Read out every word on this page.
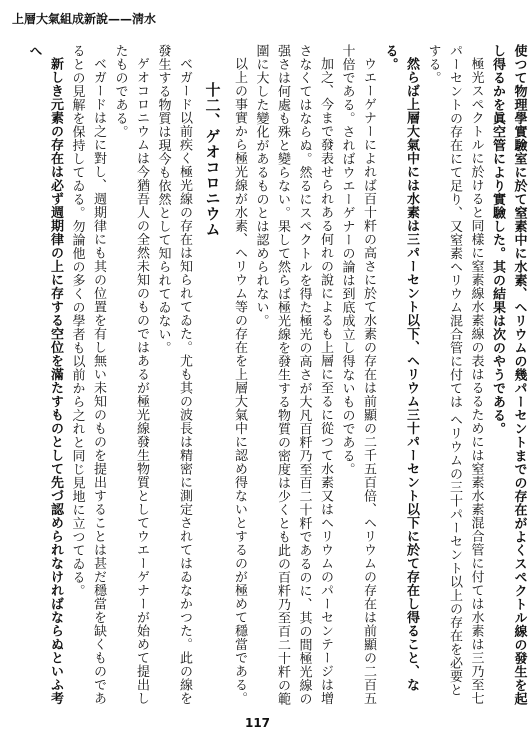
上層大氣組成新說——淸水

使つて物理學實驗室に於て窒素中に水素、ヘリウムの幾パーセントまでの存在がよくスペクトル線の發生を起し得るかを眞空管により實驗した。其の結果は次のやうである。

極光スペクトルに於けると同樣に窒素線水素線の表はるるためには窒素水素混合管に付ては水素は三乃至七パーセントの存在にて足り、又窒素ヘリウム混合管に付ては ヘリウムの三十パーセント以上の存在を必要とする。

然らば上層大氣中には水素は三パーセント以下、ヘリウム三十パーセント以下に於て存在し得ること、なる。

ウエーゲナーによれば百十粁の高さに於て水素の存在は前顯の二千五百倍、ヘリウムの存在は前顯の二百五十倍である。さればウエーゲナーの論は到底成立し得ないものである。

加之、今まで發表せられある何れの說によるも上層に至るに從つて水素又はヘリウムのパーセンテージは增さなくてはならぬ。然るにスペクトルを得た極光の高さが大凡百粁乃至百二十粁であるのに、其の間極光線の强さは何處も殊と變らない。果して然らば極光線を發生する物質の密度は少くとも此の百粁乃至百二十粁の範圍に大した變化があるものとは認められない。

以上の事實から極光線が水素、ヘリウム等の存在を上層大氣中に認め得ないとするのが極めて穩當である。

十二、ゲオコロニウム

ベガード以前疾く極光線の存在は知られてゐた。尤も其の波長は精密に測定されてはゐなかつた。此の線を發生する物質は現今も依然として知られてゐない。

ゲオコロニウムは今猶吾人の全然未知のものではあるが極光線發生物質としてウエーゲナーが始めて提出したものである。

ベガードは之に對し、週期律にも其の位置を有し無い未知のものを提出することは甚だ穩當を缺くものであるとの見解を保持してゐる。勿論他の多くの學者も以前から之れと同じ見地に立つてゐる。

新しき元素の存在は必ず週期律の上に存する空位を滿たすものとして先づ認められなければならぬといふ考へ

117
